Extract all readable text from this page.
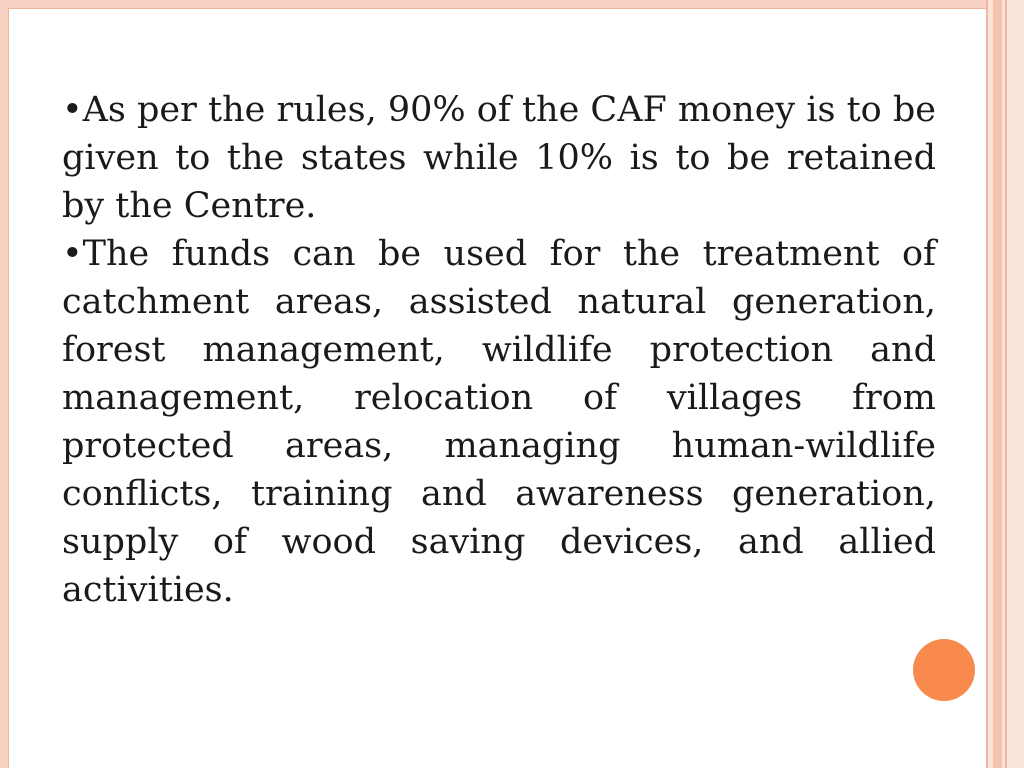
•As per the rules, 90% of the CAF money is to be given to the states while 10% is to be retained by the Centre.

•The funds can be used for the treatment of catchment areas, assisted natural generation, forest management, wildlife protection and management, relocation of villages from protected areas, managing human-wildlife conflicts, training and awareness generation, supply of wood saving devices, and allied activities.
